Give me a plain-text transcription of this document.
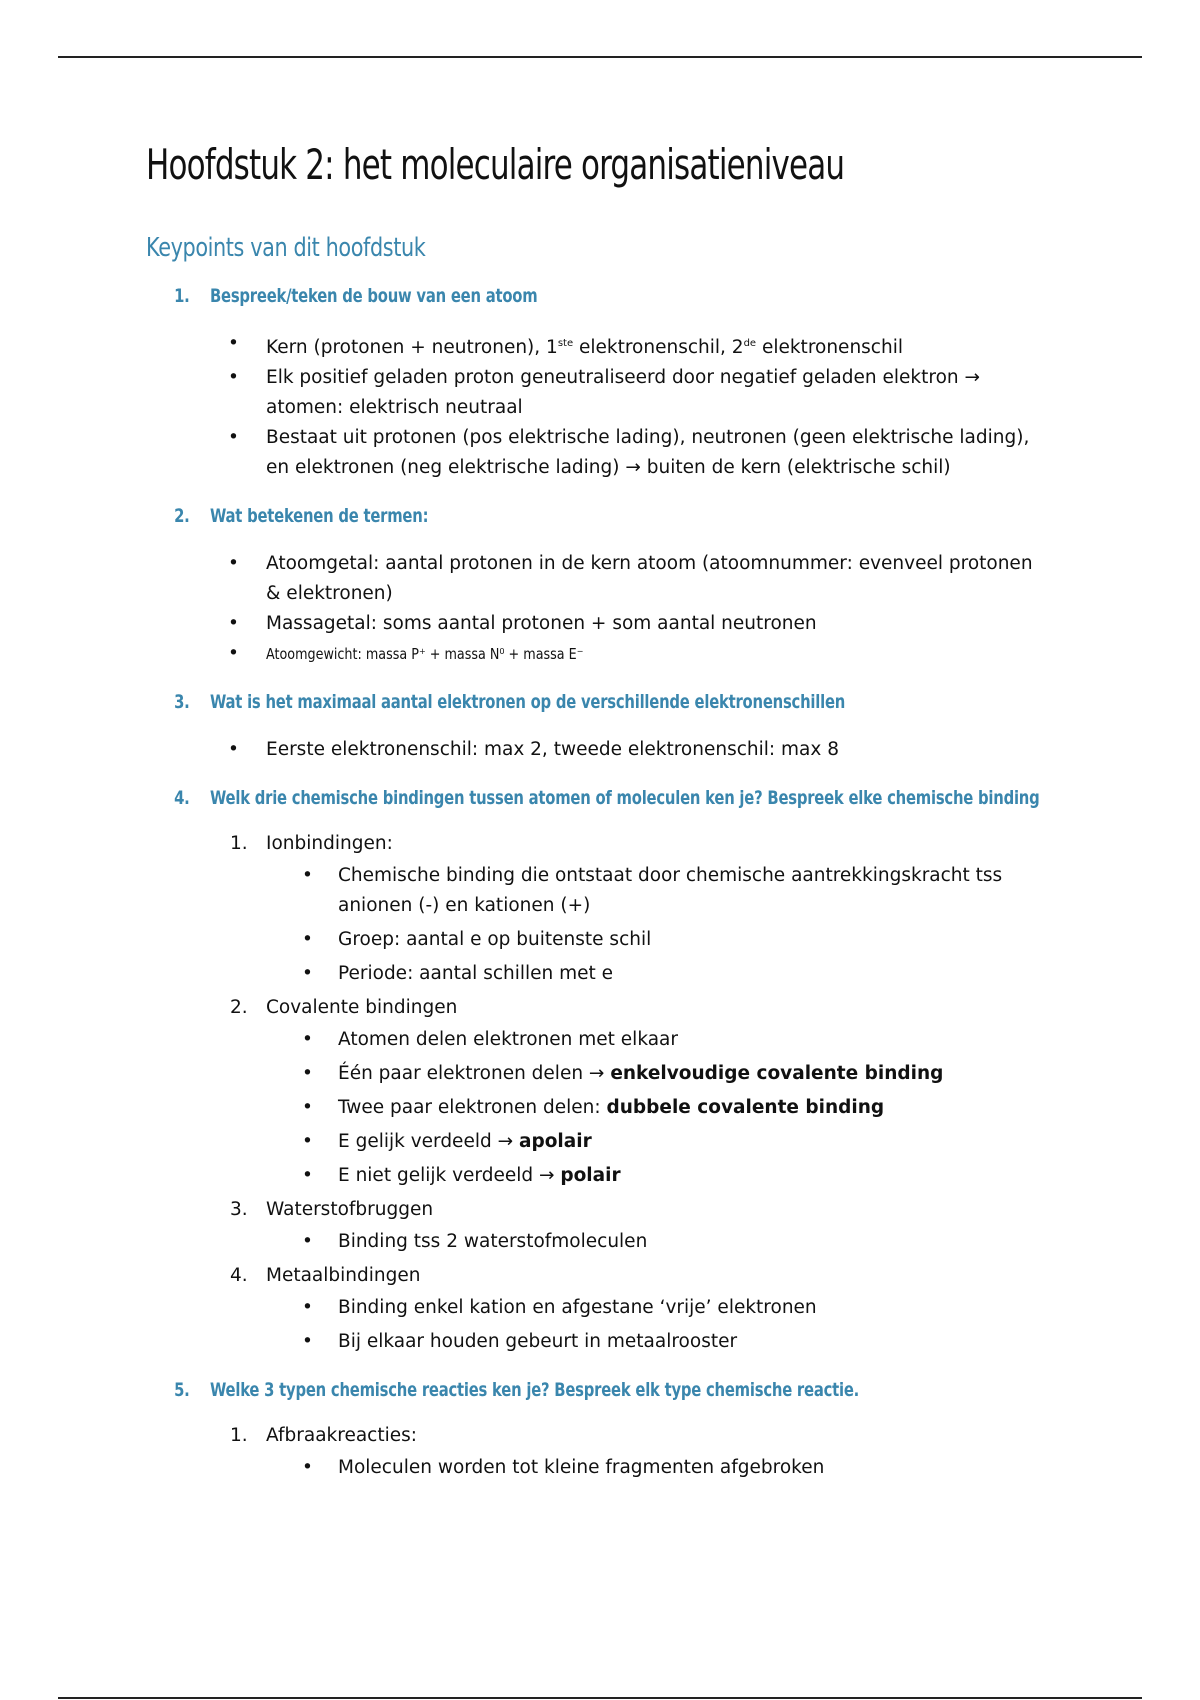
Hoofdstuk 2: het moleculaire organisatieniveau
Keypoints van dit hoofdstuk
1. Bespreek/teken de bouw van een atoom
• Kern (protonen + neutronen), 1ste elektronenschil, 2de elektronenschil
• Elk positief geladen proton geneutraliseerd door negatief geladen elektron →
atomen: elektrisch neutraal
• Bestaat uit protonen (pos elektrische lading), neutronen (geen elektrische lading),
en elektronen (neg elektrische lading) → buiten de kern (elektrische schil)
2. Wat betekenen de termen:
• Atoomgetal: aantal protonen in de kern atoom (atoomnummer: evenveel protonen
& elektronen)
• Massagetal: soms aantal protonen + som aantal neutronen
• Atoomgewicht: massa P⁺ + massa N⁰ + massa E⁻
3. Wat is het maximaal aantal elektronen op de verschillende elektronenschillen
• Eerste elektronenschil: max 2, tweede elektronenschil: max 8
4. Welk drie chemische bindingen tussen atomen of moleculen ken je? Bespreek elke chemische binding
1. Ionbindingen:
• Chemische binding die ontstaat door chemische aantrekkingskracht tss
anionen (-) en kationen (+)
• Groep: aantal e op buitenste schil
• Periode: aantal schillen met e
2. Covalente bindingen
• Atomen delen elektronen met elkaar
• Één paar elektronen delen → enkelvoudige covalente binding
• Twee paar elektronen delen: dubbele covalente binding
• E gelijk verdeeld → apolair
• E niet gelijk verdeeld → polair
3. Waterstofbruggen
• Binding tss 2 waterstofmoleculen
4. Metaalbindingen
• Binding enkel kation en afgestane ‘vrije’ elektronen
• Bij elkaar houden gebeurt in metaalrooster
5. Welke 3 typen chemische reacties ken je? Bespreek elk type chemische reactie.
1. Afbraakreacties:
• Moleculen worden tot kleine fragmenten afgebroken
